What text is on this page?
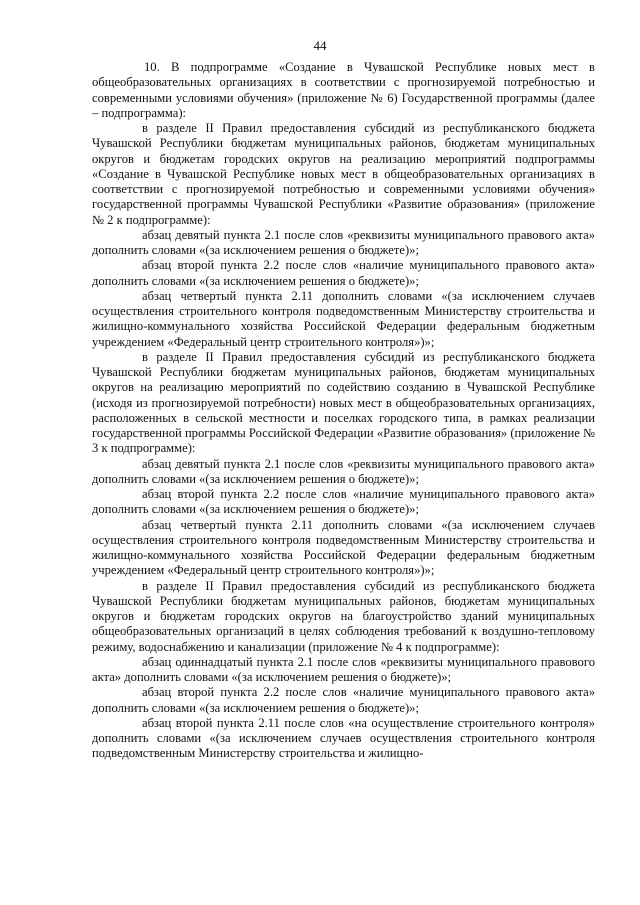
44

10. В подпрограмме «Создание в Чувашской Республике новых мест в общеобразовательных организациях в соответствии с прогнозируемой потребностью и современными условиями обучения» (приложение № 6) Государственной программы (далее – подпрограмма):

в разделе II Правил предоставления субсидий из республиканского бюджета Чувашской Республики бюджетам муниципальных районов, бюджетам муниципальных округов и бюджетам городских округов на реализацию мероприятий подпрограммы «Создание в Чувашской Республике новых мест в общеобразовательных организациях в соответствии с прогнозируемой потребностью и современными условиями обучения» государственной программы Чувашской Республики «Развитие образования» (приложение № 2 к подпрограмме):

абзац девятый пункта 2.1 после слов «реквизиты муниципального правового акта» дополнить словами «(за исключением решения о бюджете)»;

абзац второй пункта 2.2 после слов «наличие муниципального правового акта» дополнить словами «(за исключением решения о бюджете)»;

абзац четвертый пункта 2.11 дополнить словами «(за исключением случаев осуществления строительного контроля подведомственным Министерству строительства и жилищно-коммунального хозяйства Российской Федерации федеральным бюджетным учреждением «Федеральный центр строительного контроля»)»;

в разделе II Правил предоставления субсидий из республиканского бюджета Чувашской Республики бюджетам муниципальных районов, бюджетам муниципальных округов на реализацию мероприятий по содействию созданию в Чувашской Республике (исходя из прогнозируемой потребности) новых мест в общеобразовательных организациях, расположенных в сельской местности и поселках городского типа, в рамках реализации государственной программы Российской Федерации «Развитие образования» (приложение № 3 к подпрограмме):

абзац девятый пункта 2.1 после слов «реквизиты муниципального правового акта» дополнить словами «(за исключением решения о бюджете)»;

абзац второй пункта 2.2 после слов «наличие муниципального правового акта» дополнить словами «(за исключением решения о бюджете)»;

абзац четвертый пункта 2.11 дополнить словами «(за исключением случаев осуществления строительного контроля подведомственным Министерству строительства и жилищно-коммунального хозяйства Российской Федерации федеральным бюджетным учреждением «Федеральный центр строительного контроля»)»;

в разделе II Правил предоставления субсидий из республиканского бюджета Чувашской Республики бюджетам муниципальных районов, бюджетам муниципальных округов и бюджетам городских округов на благоустройство зданий муниципальных общеобразовательных организаций в целях соблюдения требований к воздушно-тепловому режиму, водоснабжению и канализации (приложение № 4 к подпрограмме):

абзац одиннадцатый пункта 2.1 после слов «реквизиты муниципального правового акта» дополнить словами «(за исключением решения о бюджете)»;

абзац второй пункта 2.2 после слов «наличие муниципального правового акта» дополнить словами «(за исключением решения о бюджете)»;

абзац второй пункта 2.11 после слов «на осуществление строительного контроля» дополнить словами «(за исключением случаев осуществления строительного контроля подведомственным Министерству строительства и жилищно-
